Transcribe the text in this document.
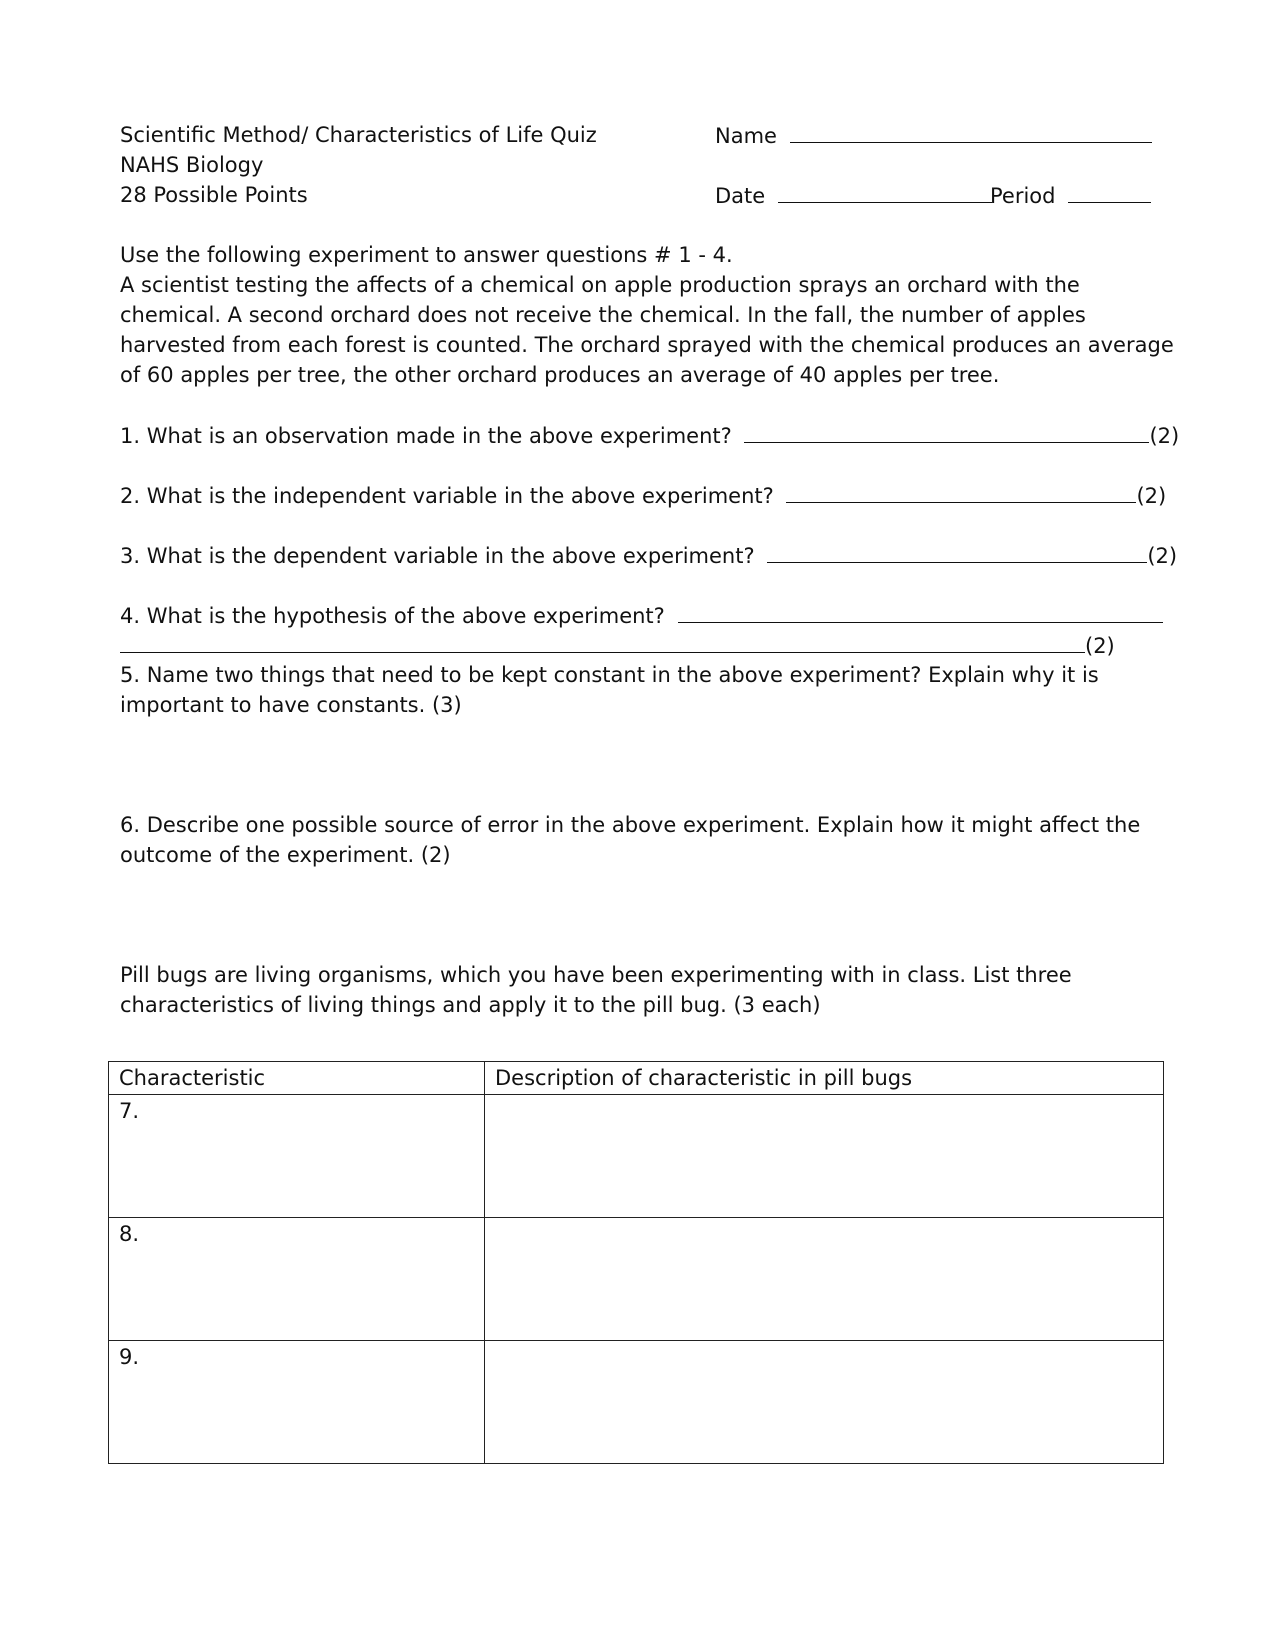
Scientific Method/ Characteristics of Life Quiz
NAHS Biology
28 Possible Points
Name
Date	Period
Use the following experiment to answer questions # 1 - 4.
A scientist testing the affects of a chemical on apple production sprays an orchard with the
chemical. A second orchard does not receive the chemical. In the fall, the number of apples
harvested from each forest is counted. The orchard sprayed with the chemical produces an average
of 60 apples per tree, the other orchard produces an average of 40 apples per tree.
1. What is an observation made in the above experiment?	(2)
2. What is the independent variable in the above experiment?	(2)
3. What is the dependent variable in the above experiment?	(2)
4. What is the hypothesis of the above experiment?
(2)
5. Name two things that need to be kept constant in the above experiment? Explain why it is
important to have constants. (3)
6. Describe one possible source of error in the above experiment. Explain how it might affect the
outcome of the experiment. (2)
Pill bugs are living organisms, which you have been experimenting with in class. List three
characteristics of living things and apply it to the pill bug. (3 each)
Characteristic	Description of characteristic in pill bugs
7.	
8.	
9.	
